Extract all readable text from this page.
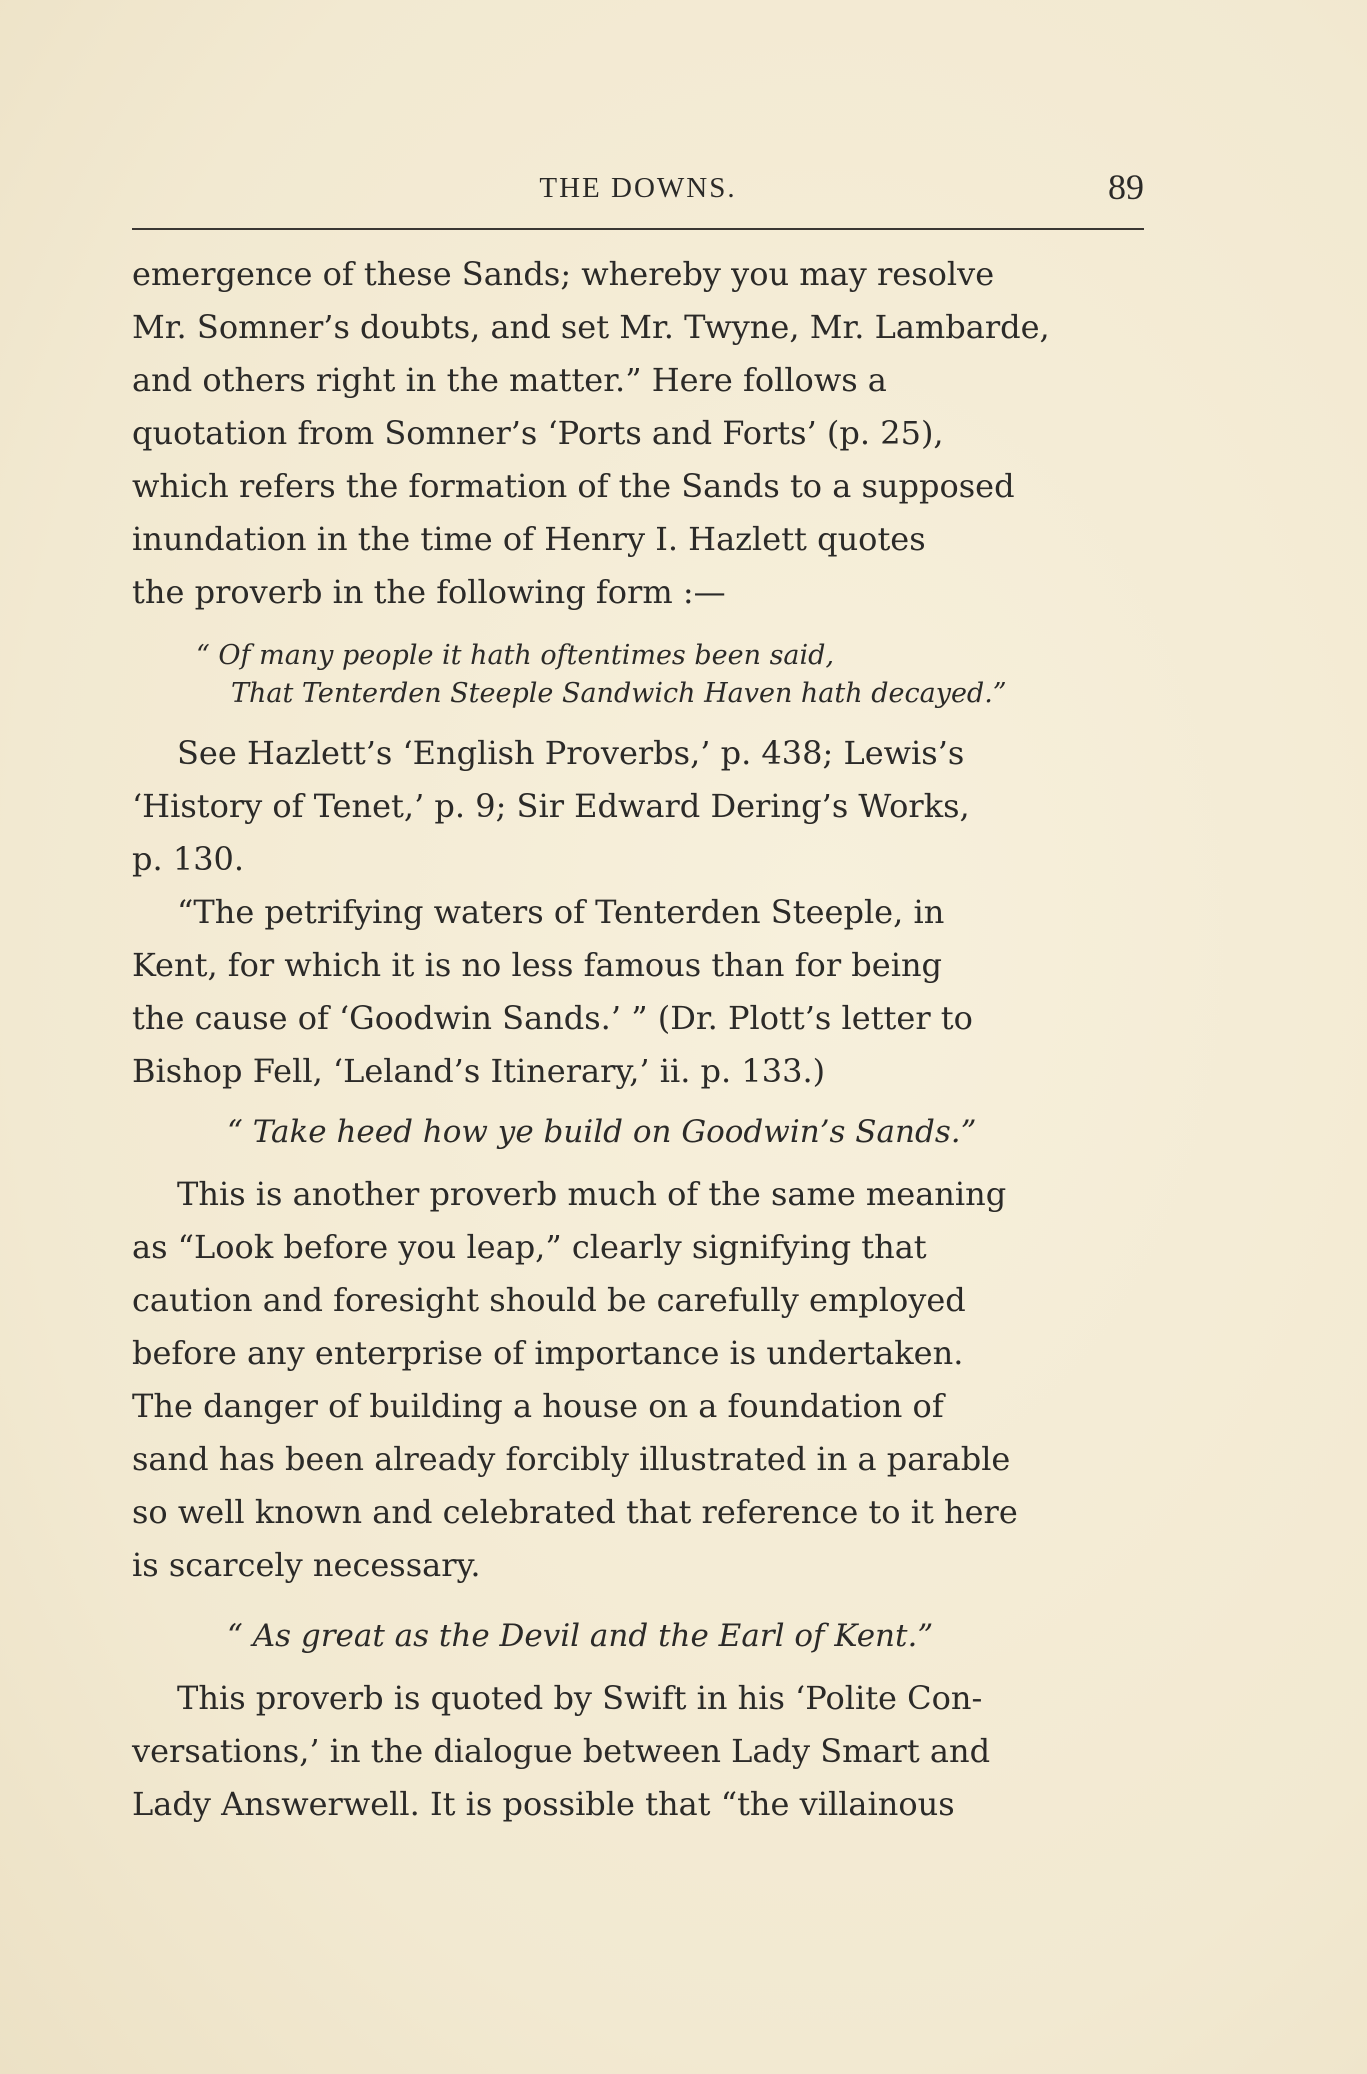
THE DOWNS.	89

emergence of these Sands; whereby you may resolve
Mr. Somner’s doubts, and set Mr. Twyne, Mr. Lambarde,
and others right in the matter.” Here follows a
quotation from Somner’s ‘Ports and Forts’ (p. 25),
which refers the formation of the Sands to a supposed
inundation in the time of Henry I. Hazlett quotes
the proverb in the following form :—

“ Of many people it hath oftentimes been said,

That Tenterden Steeple Sandwich Haven hath decayed.”

See Hazlett’s ‘English Proverbs,’ p. 438; Lewis’s
‘History of Tenet,’ p. 9; Sir Edward Dering’s Works,
p. 130.

“The petrifying waters of Tenterden Steeple, in
Kent, for which it is no less famous than for being
the cause of ‘Goodwin Sands.’ ” (Dr. Plott’s letter to
Bishop Fell, ‘Leland’s Itinerary,’ ii. p. 133.)

“ Take heed how ye build on Goodwin’s Sands.”

This is another proverb much of the same meaning
as “Look before you leap,” clearly signifying that
caution and foresight should be carefully employed
before any enterprise of importance is undertaken.
The danger of building a house on a foundation of
sand has been already forcibly illustrated in a parable
so well known and celebrated that reference to it here
is scarcely necessary.

“ As great as the Devil and the Earl of Kent.”

This proverb is quoted by Swift in his ‘Polite Con-
versations,’ in the dialogue between Lady Smart and
Lady Answerwell. It is possible that “the villainous
